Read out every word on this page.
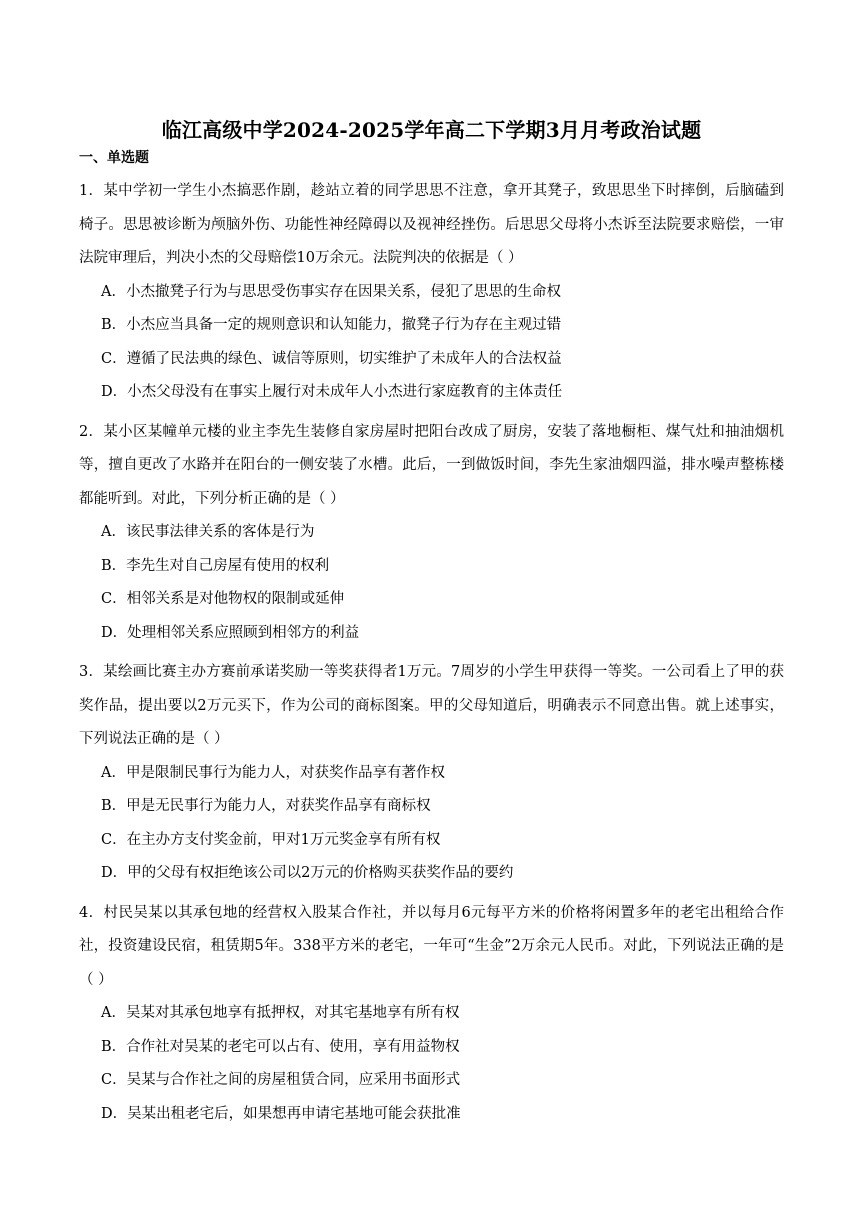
临江高级中学2024-2025学年高二下学期3月月考政治试题
一、单选题
1．某中学初一学生小杰搞恶作剧，趁站立着的同学思思不注意，拿开其凳子，致思思坐下时摔倒，后脑磕到椅子。思思被诊断为颅脑外伤、功能性神经障碍以及视神经挫伤。后思思父母将小杰诉至法院要求赔偿，一审法院审理后，判决小杰的父母赔偿10万余元。法院判决的依据是（ ）
A．小杰撤凳子行为与思思受伤事实存在因果关系，侵犯了思思的生命权
B．小杰应当具备一定的规则意识和认知能力，撤凳子行为存在主观过错
C．遵循了民法典的绿色、诚信等原则，切实维护了未成年人的合法权益
D．小杰父母没有在事实上履行对未成年人小杰进行家庭教育的主体责任
2．某小区某幢单元楼的业主李先生装修自家房屋时把阳台改成了厨房，安装了落地橱柜、煤气灶和抽油烟机等，擅自更改了水路并在阳台的一侧安装了水槽。此后，一到做饭时间，李先生家油烟四溢，排水噪声整栋楼都能听到。对此，下列分析正确的是（ ）
A．该民事法律关系的客体是行为
B．李先生对自己房屋有使用的权利
C．相邻关系是对他物权的限制或延伸
D．处理相邻关系应照顾到相邻方的利益
3．某绘画比赛主办方赛前承诺奖励一等奖获得者1万元。7周岁的小学生甲获得一等奖。一公司看上了甲的获奖作品，提出要以2万元买下，作为公司的商标图案。甲的父母知道后，明确表示不同意出售。就上述事实，下列说法正确的是（ ）
A．甲是限制民事行为能力人，对获奖作品享有著作权
B．甲是无民事行为能力人，对获奖作品享有商标权
C．在主办方支付奖金前，甲对1万元奖金享有所有权
D．甲的父母有权拒绝该公司以2万元的价格购买获奖作品的要约
4．村民吴某以其承包地的经营权入股某合作社，并以每月6元每平方米的价格将闲置多年的老宅出租给合作社，投资建设民宿，租赁期5年。338平方米的老宅，一年可“生金”2万余元人民币。对此，下列说法正确的是（ ）
A．吴某对其承包地享有抵押权，对其宅基地享有所有权
B．合作社对吴某的老宅可以占有、使用，享有用益物权
C．吴某与合作社之间的房屋租赁合同，应采用书面形式
D．吴某出租老宅后，如果想再申请宅基地可能会获批准
